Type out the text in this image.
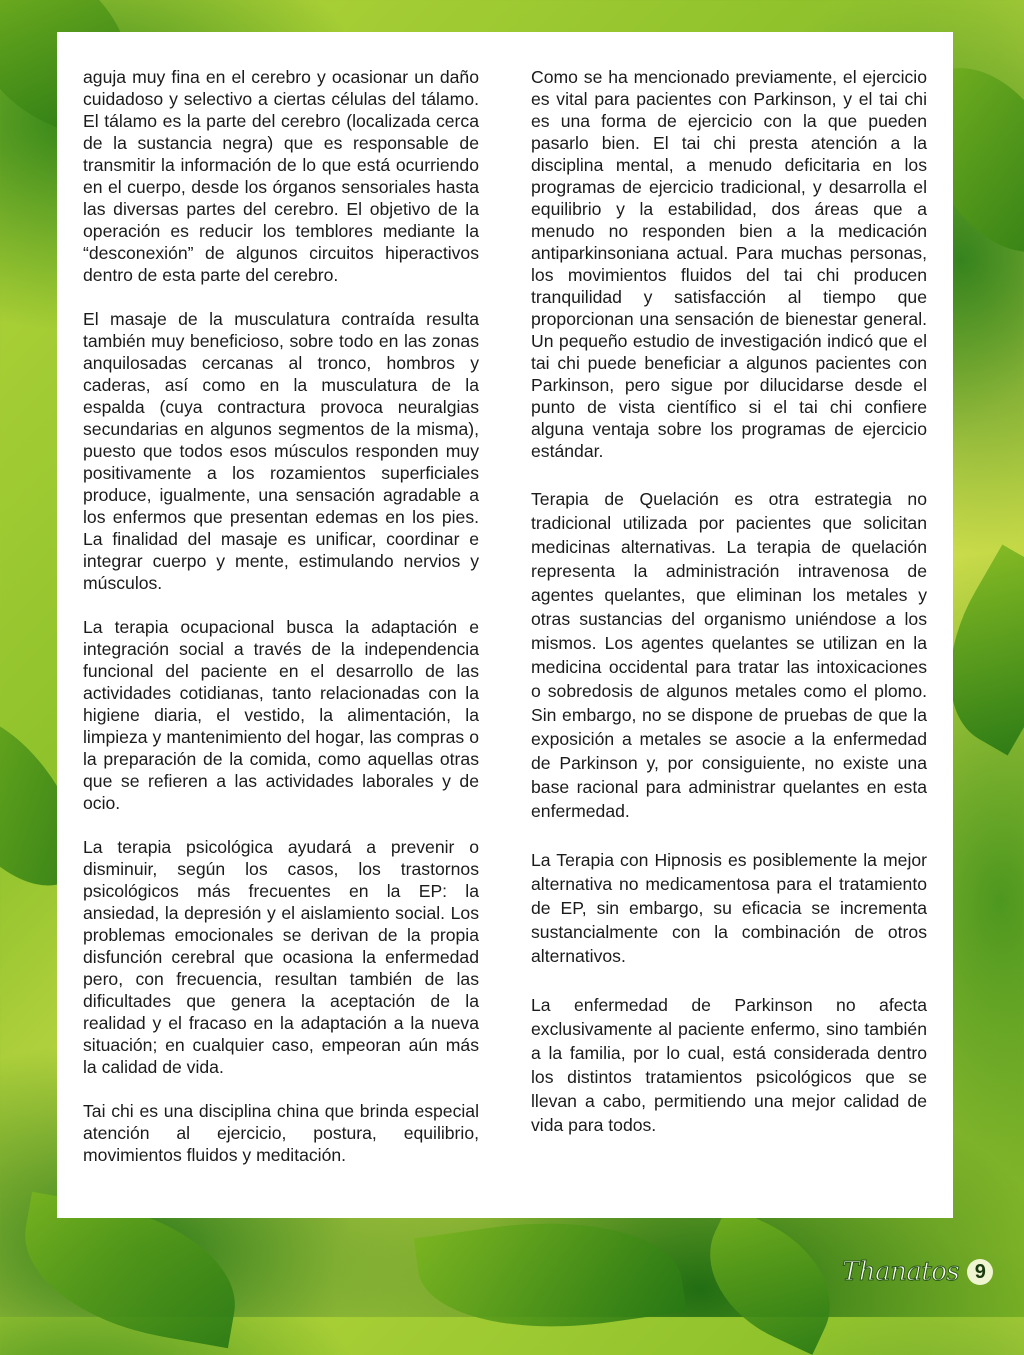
aguja muy fina en el cerebro y ocasionar un daño cuidadoso y selectivo a ciertas células del tálamo. El tálamo es la parte del cerebro (localizada cerca de la sustancia negra) que es responsable de transmitir la información de lo que está ocurriendo en el cuerpo, desde los órganos sensoriales hasta las diversas partes del cerebro. El objetivo de la operación es reducir los temblores mediante la “desconexión” de algunos circuitos hiperactivos dentro de esta parte del cerebro.

El masaje de la musculatura contraída resulta también muy beneficioso, sobre todo en las zonas anquilosadas cercanas al tronco, hombros y caderas, así como en la musculatura de la espalda (cuya contractura provoca neuralgias secundarias en algunos segmentos de la misma), puesto que todos esos músculos responden muy positivamente a los rozamientos superficiales produce, igualmente, una sensación agradable a los enfermos que presentan edemas en los pies. La finalidad del masaje es unificar, coordinar e integrar cuerpo y mente, estimulando nervios y músculos.

La terapia ocupacional busca la adaptación e integración social a través de la independencia funcional del paciente en el desarrollo de las actividades cotidianas, tanto relacionadas con la higiene diaria, el vestido, la alimentación, la limpieza y mantenimiento del hogar, las compras o la preparación de la comida, como aquellas otras que se refieren a las actividades laborales y de ocio.

La terapia psicológica ayudará a prevenir o disminuir, según los casos, los trastornos psicológicos más frecuentes en la EP: la ansiedad, la depresión y el aislamiento social. Los problemas emocionales se derivan de la propia disfunción cerebral que ocasiona la enfermedad pero, con frecuencia, resultan también de las dificultades que genera la aceptación de la realidad y el fracaso en la adaptación a la nueva situación; en cualquier caso, empeoran aún más la calidad de vida.

Tai chi es una disciplina china que brinda especial atención al ejercicio, postura, equilibrio, movimientos fluidos y meditación.

Como se ha mencionado previamente, el ejercicio es vital para pacientes con Parkinson, y el tai chi es una forma de ejercicio con la que pueden pasarlo bien. El tai chi presta atención a la disciplina mental, a menudo deficitaria en los programas de ejercicio tradicional, y desarrolla el equilibrio y la estabilidad, dos áreas que a menudo no responden bien a la medicación antiparkinsoniana actual. Para muchas personas, los movimientos fluidos del tai chi producen tranquilidad y satisfacción al tiempo que proporcionan una sensación de bienestar general. Un pequeño estudio de investigación indicó que el tai chi puede beneficiar a algunos pacientes con Parkinson, pero sigue por dilucidarse desde el punto de vista científico si el tai chi confiere alguna ventaja sobre los programas de ejercicio estándar.

Terapia de Quelación es otra estrategia no tradicional utilizada por pacientes que solicitan medicinas alternativas. La terapia de quelación representa la administración intravenosa de agentes quelantes, que eliminan los metales y otras sustancias del organismo uniéndose a los mismos. Los agentes quelantes se utilizan en la medicina occidental para tratar las intoxicaciones o sobredosis de algunos metales como el plomo. Sin embargo, no se dispone de pruebas de que la exposición a metales se asocie a la enfermedad de Parkinson y, por consiguiente, no existe una base racional para administrar quelantes en esta enfermedad.

La Terapia con Hipnosis es posiblemente la mejor alternativa no medicamentosa para el tratamiento de EP, sin embargo, su eficacia se incrementa sustancialmente con la combinación de otros alternativos.

La enfermedad de Parkinson no afecta exclusivamente al paciente enfermo, sino también a la familia, por lo cual, está considerada dentro los distintos tratamientos psicológicos que se llevan a cabo, permitiendo una mejor calidad de vida para todos.

Thanatos 9
